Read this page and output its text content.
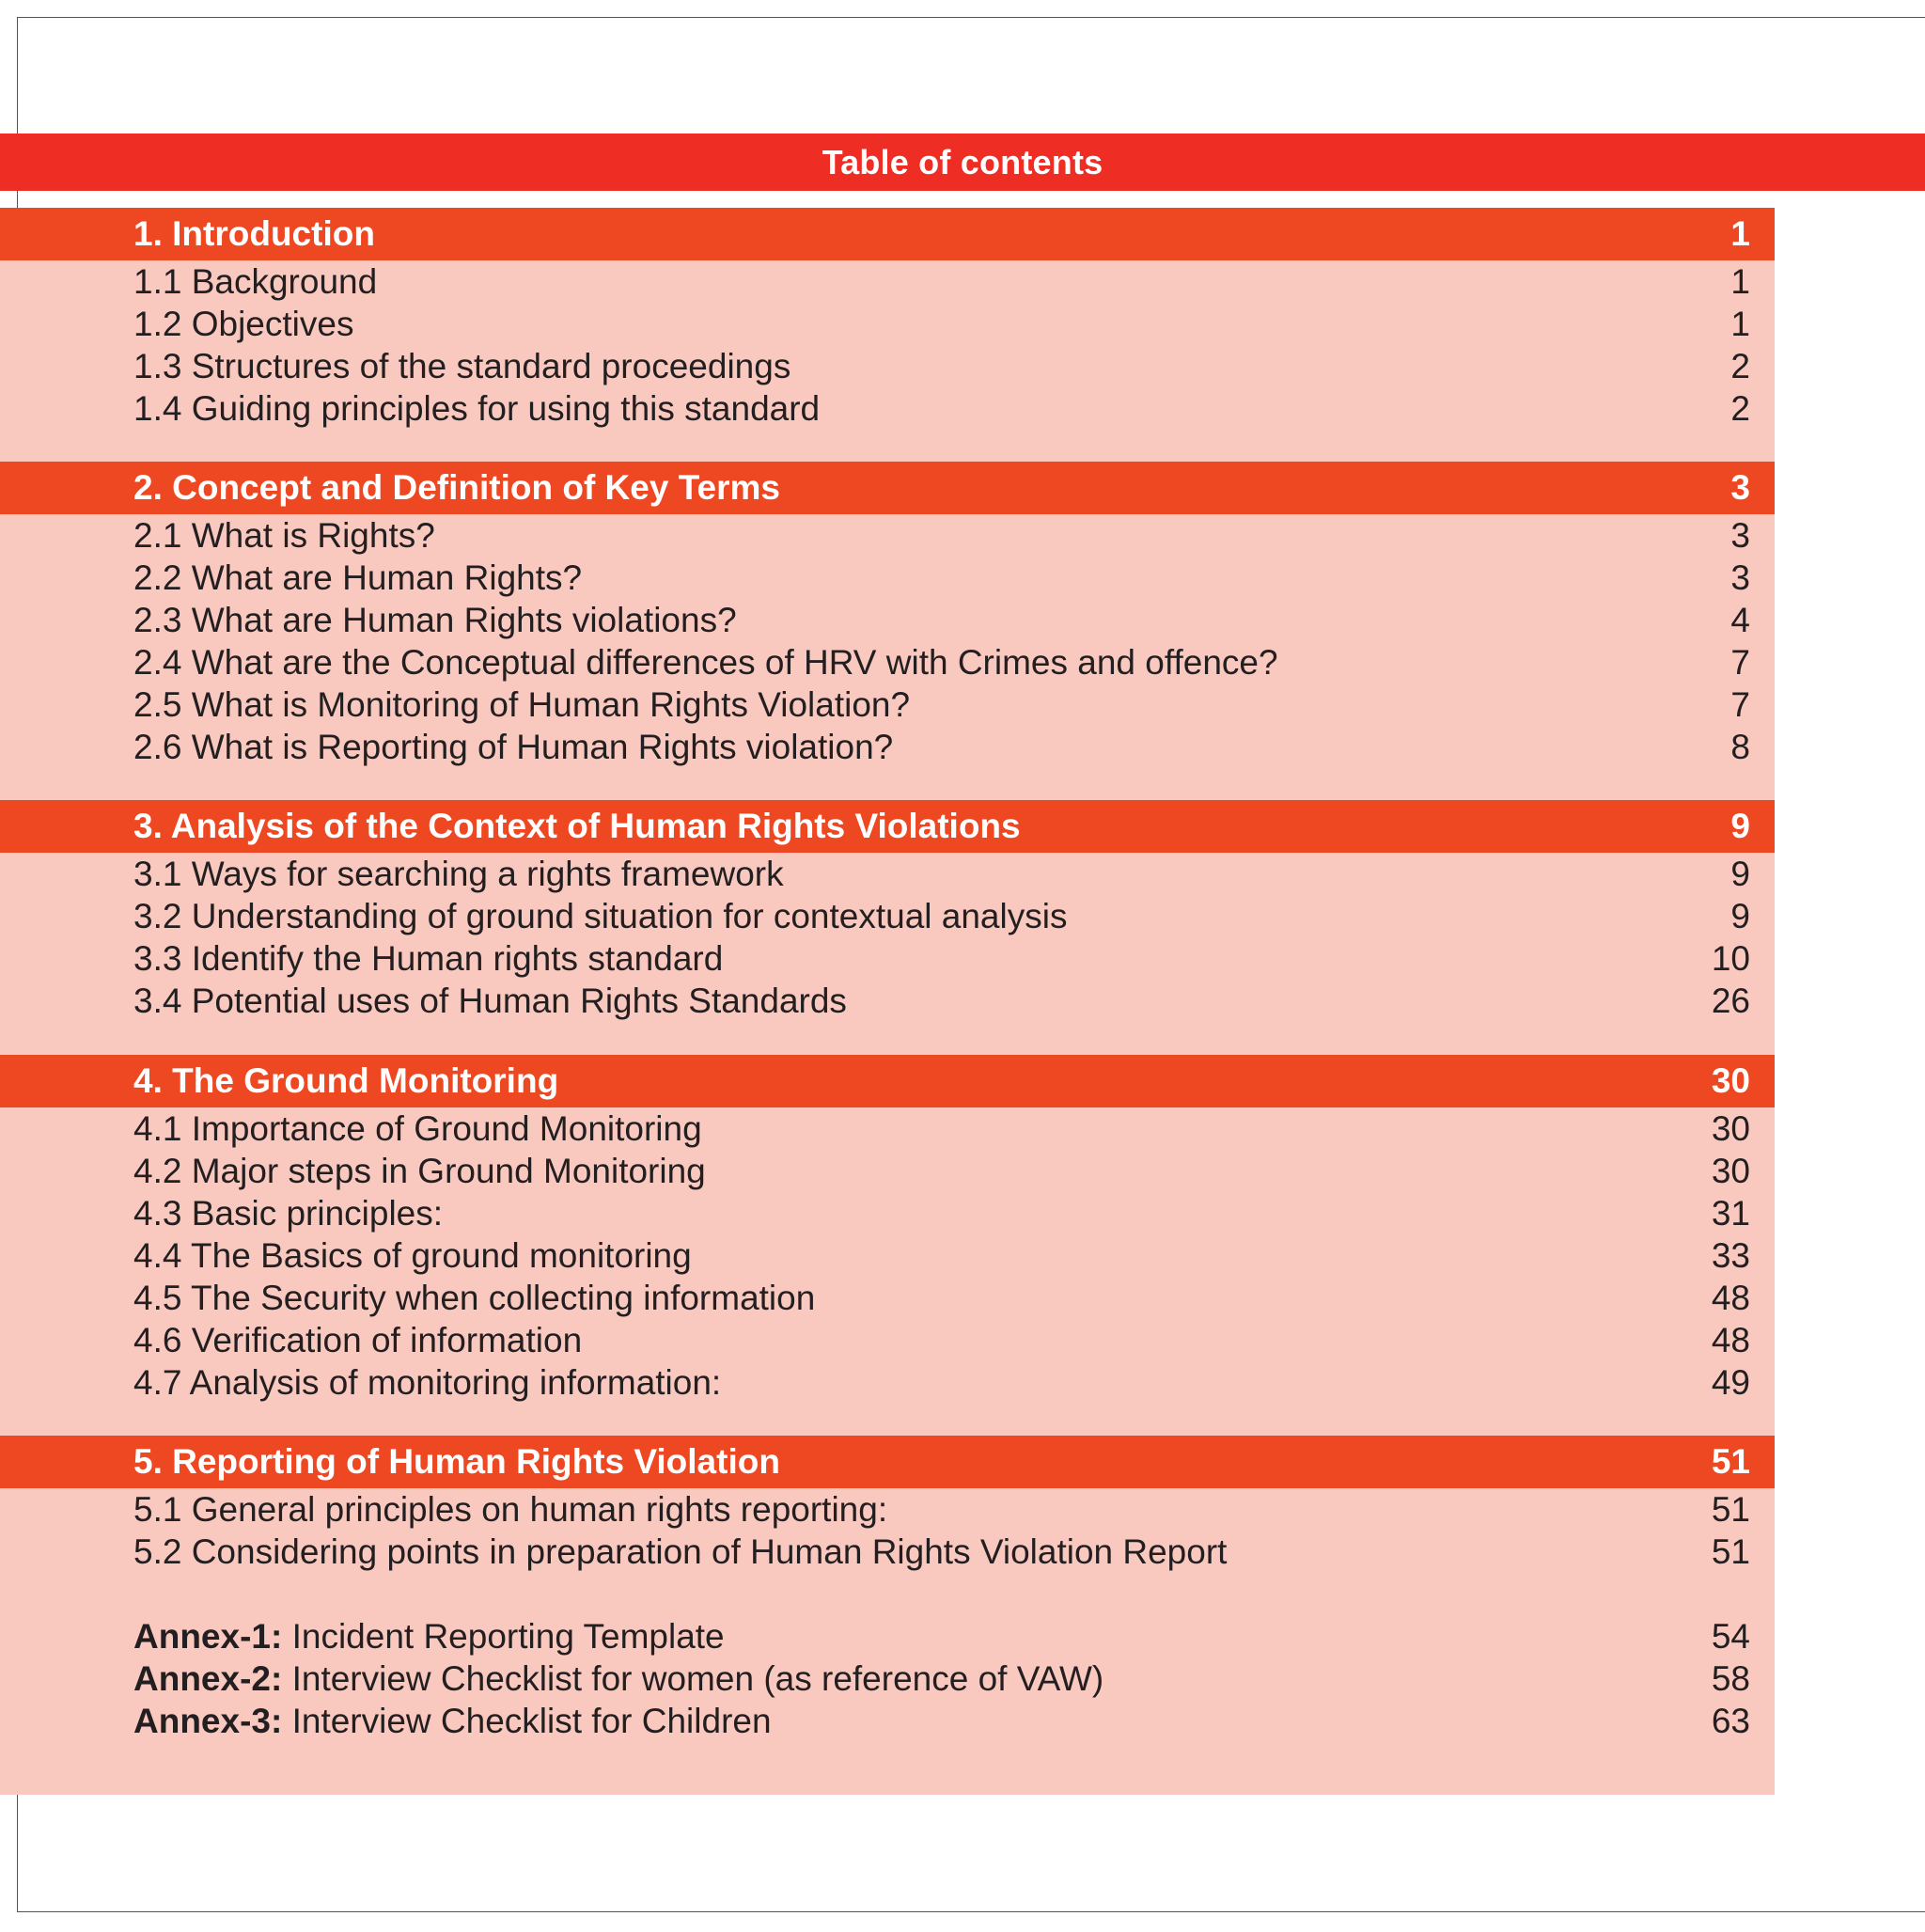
Table of contents
1. Introduction	1
1.1 Background	1
1.2 Objectives	1
1.3 Structures of the standard proceedings	2
1.4 Guiding principles for using this standard	2
2. Concept and Definition of Key Terms	3
2.1 What is Rights?	3
2.2 What are Human Rights?	3
2.3 What are Human Rights violations?	4
2.4 What are the Conceptual differences of HRV with Crimes and offence?	7
2.5 What is Monitoring of Human Rights Violation?	7
2.6 What is Reporting of Human Rights violation?	8
3. Analysis of the Context of Human Rights Violations	9
3.1 Ways for searching a rights framework	9
3.2 Understanding of ground situation for contextual analysis	9
3.3 Identify the Human rights standard	10
3.4 Potential uses of Human Rights Standards	26
4. The Ground Monitoring	30
4.1 Importance of Ground Monitoring	30
4.2 Major steps in Ground Monitoring	30
4.3 Basic principles:	31
4.4 The Basics of ground monitoring	33
4.5 The Security when collecting information	48
4.6 Verification of information	48
4.7 Analysis of monitoring information:	49
5. Reporting of Human Rights Violation	51
5.1 General principles on human rights reporting:	51
5.2 Considering points in preparation of Human Rights Violation Report	51
Annex-1: Incident Reporting Template	54
Annex-2: Interview Checklist for women (as reference of VAW)	58
Annex-3: Interview Checklist for Children	63
